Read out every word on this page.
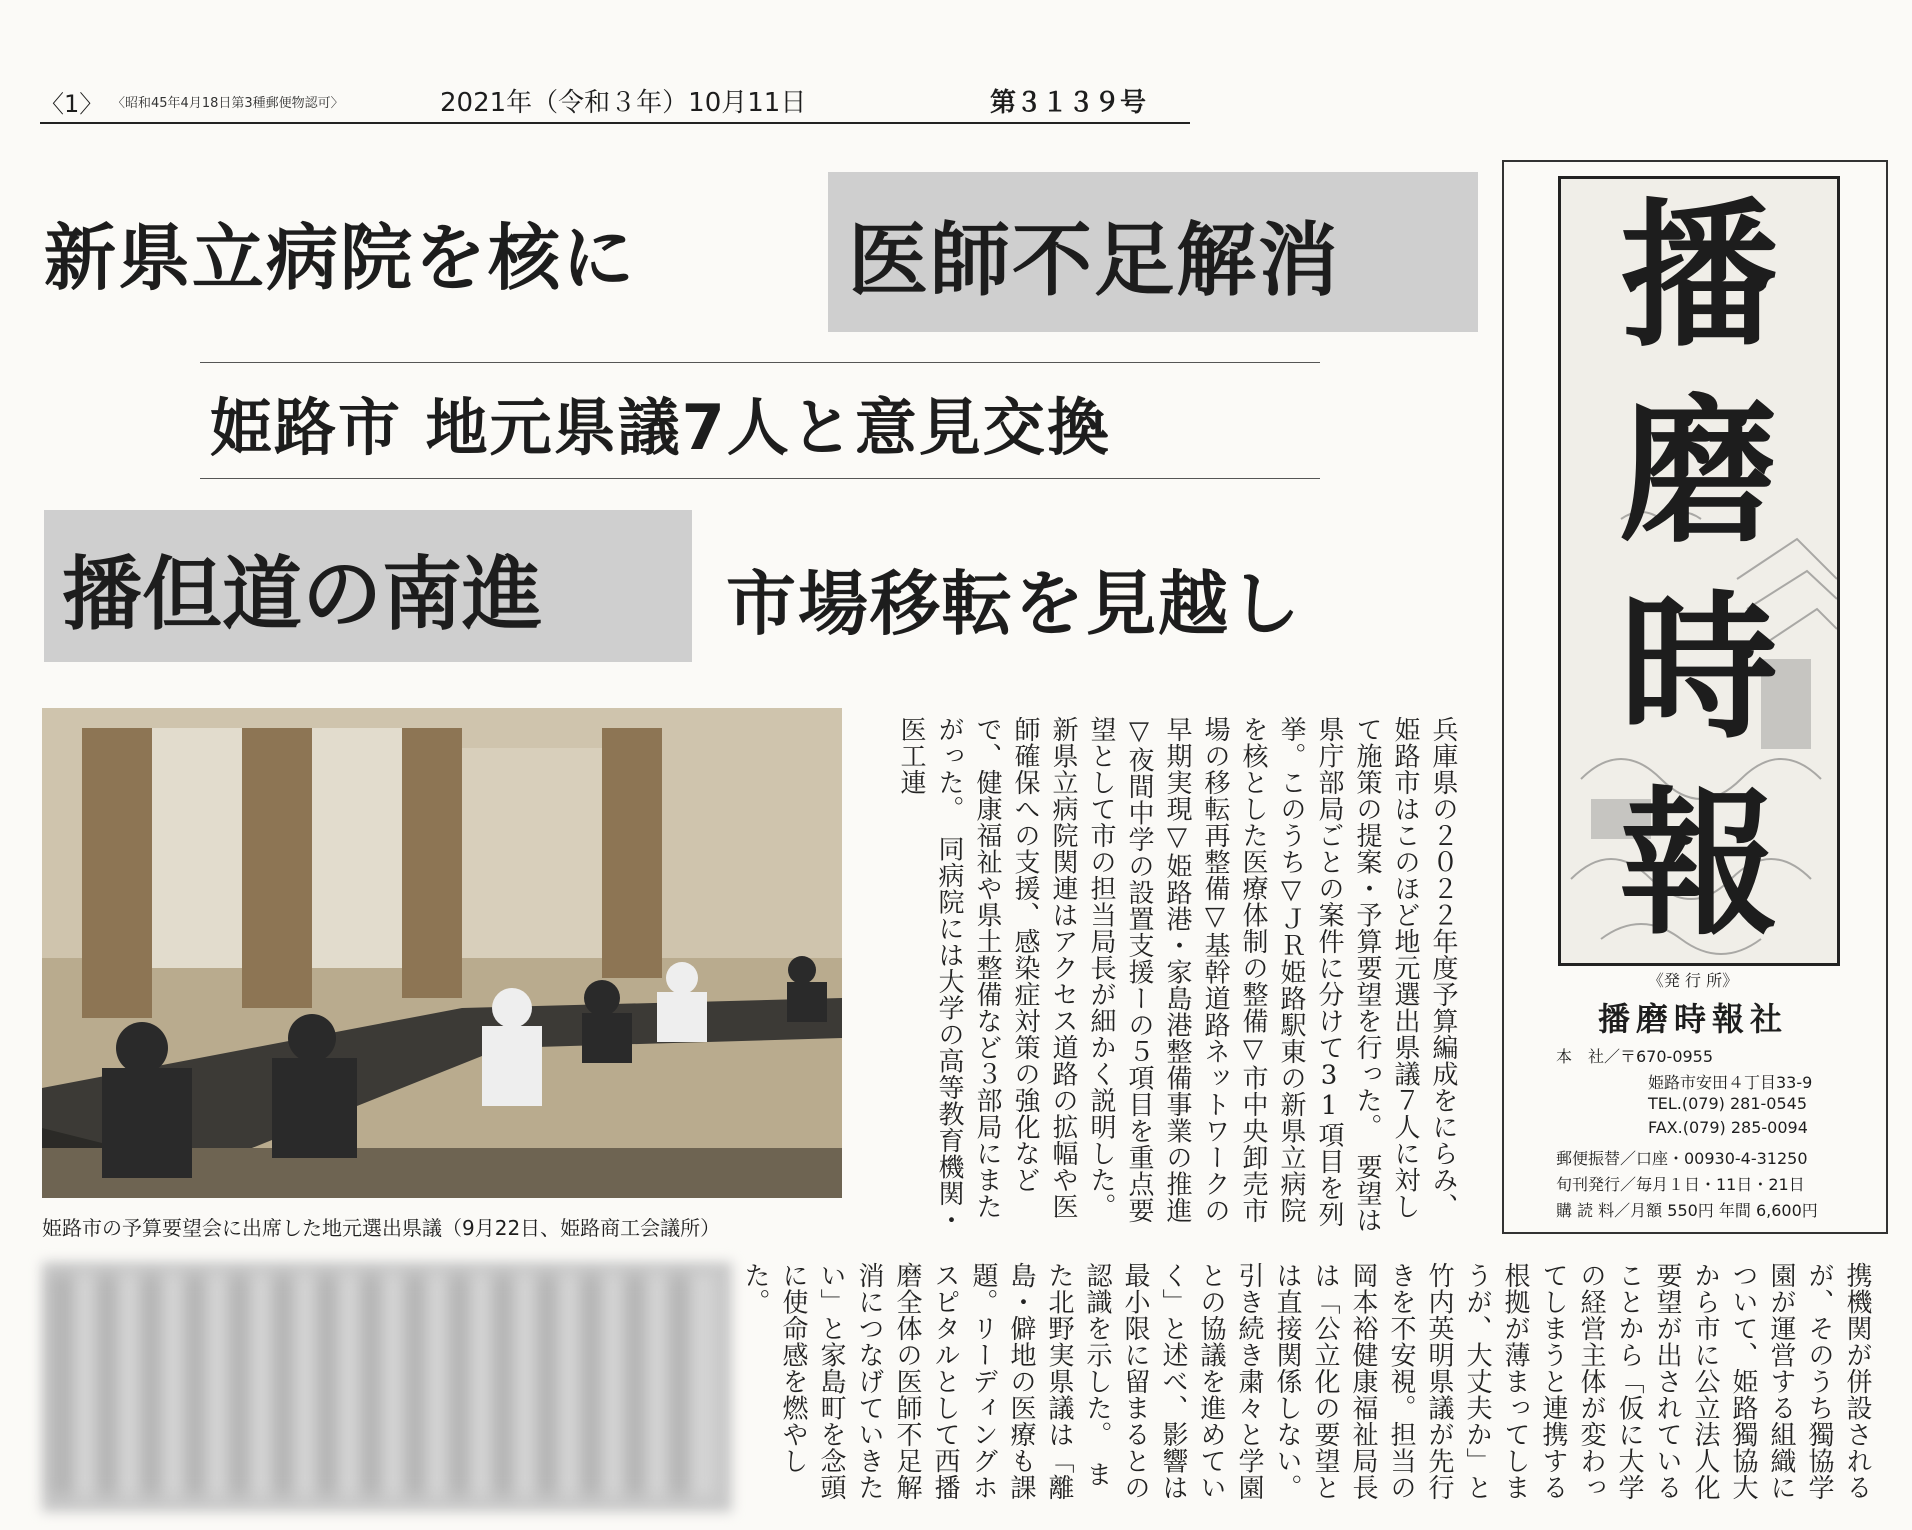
〈1〉 〈昭和45年4月18日第3種郵便物認可〉	2021年（令和３年）10月11日	第３１３９号
新県立病院を核に	医師不足解消
姫路市 地元県議7人と意見交換
播但道の南進	市場移転を見越し
播
磨
時
報
《発 行 所》
播磨時報社
本　社／〒670-0955
姫路市安田４丁目33-9
TEL.(079) 281-0545
FAX.(079) 285-0094
郵便振替／口座・00930-4-31250
旬刊発行／毎月１日・11日・21日
購 読 料／月額 550円 年間 6,600円
姫路市の予算要望会に出席した地元選出県議（9月22日、姫路商工会議所）
兵庫県の２０２２年度予算編成をにらみ、姫路市はこのほど地元選出県議７人に対して施策の提案・予算要望を行った。　要望は県庁部局ごとの案件に分けて31項目を列挙。このうち▽ＪＲ姫路駅東の新県立病院を核とした医療体制の整備▽市中央卸売市場の移転再整備▽基幹道路ネットワークの早期実現▽姫路港・家島港整備事業の推進▽夜間中学の設置支援ーの５項目を重点要望として市の担当局長が細かく説明した。　新県立病院関連はアクセス道路の拡幅や医師確保への支援、感染症対策の強化などで、健康福祉や県土整備など３部局にまたがった。　同病院には大学の高等教育機関・医工連
携機関が併設されるが、そのうち獨協学園が運営する組織について、姫路獨協大から市に公立法人化要望が出されていることから「仮に大学の経営主体が変わってしまうと連携する根拠が薄まってしまうが、大丈夫か」と竹内英明県議が先行きを不安視。担当の岡本裕健康福祉局長は「公立化の要望とは直接関係しない。引き続き粛々と学園との協議を進めていく」と述べ、影響は最小限に留まるとの認識を示した。　また北野実県議は「離島・僻地の医療も課題。リーディングホスピタルとして西播磨全体の医師不足解消につなげていきたい」と家島町を念頭に使命感を燃やした。
